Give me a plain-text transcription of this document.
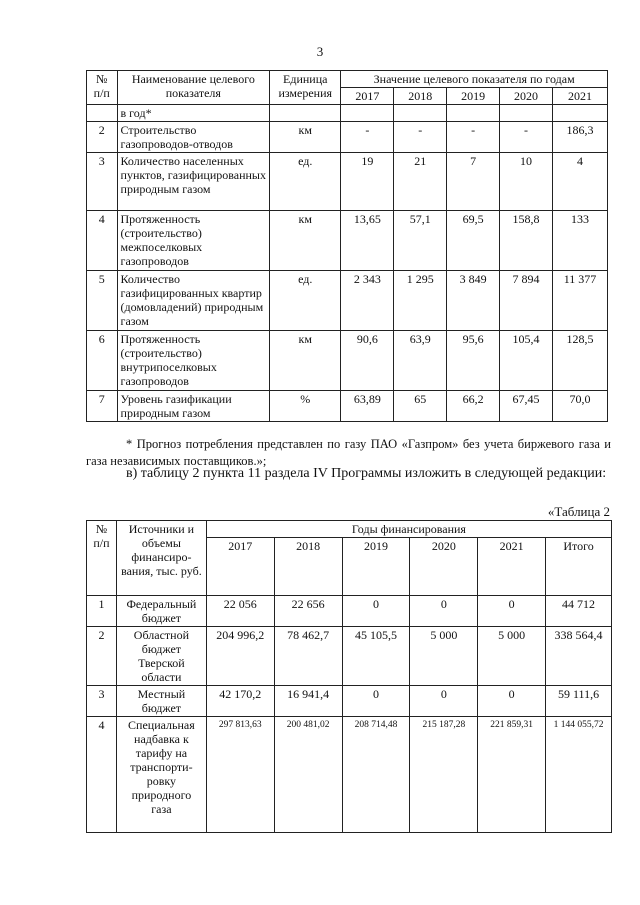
3
№ п/п	Наименование целевого показателя	Единица измерения	Значение целевого показателя по годам				
			2017	2018	2019	2020	2021
	в год*						
2	Строительство газопроводов-отводов	км	-	-	-	-	186,3
3	Количество населенных пунктов, газифицированных природным газом	ед.	19	21	7	10	4
4	Протяженность (строительство) межпоселковых газопроводов	км	13,65	57,1	69,5	158,8	133
5	Количество газифицированных квартир (домовладений) природным газом	ед.	2 343	1 295	3 849	7 894	11 377
6	Протяженность (строительство) внутрипоселковых газопроводов	км	90,6	63,9	95,6	105,4	128,5
7	Уровень газификации природным газом	%	63,89	65	66,2	67,45	70,0
* Прогноз потребления представлен по газу ПАО «Газпром» без учета биржевого газа и газа независимых поставщиков.»;
в) таблицу 2 пункта 11 раздела IV Программы изложить в следующей редакции:
«Таблица 2
№ п/п	Источники и объемы финансиро-вания, тыс. руб.	Годы финансирования					
		2017	2018	2019	2020	2021	Итого
1	Федеральный бюджет	22 056	22 656	0	0	0	44 712
2	Областной бюджет Тверской области	204 996,2	78 462,7	45 105,5	5 000	5 000	338 564,4
3	Местный бюджет	42 170,2	16 941,4	0	0	0	59 111,6
4	Специальная надбавка к тарифу на транспорти-ровку природного газа	297 813,63	200 481,02	208 714,48	215 187,28	221 859,31	1 144 055,72
